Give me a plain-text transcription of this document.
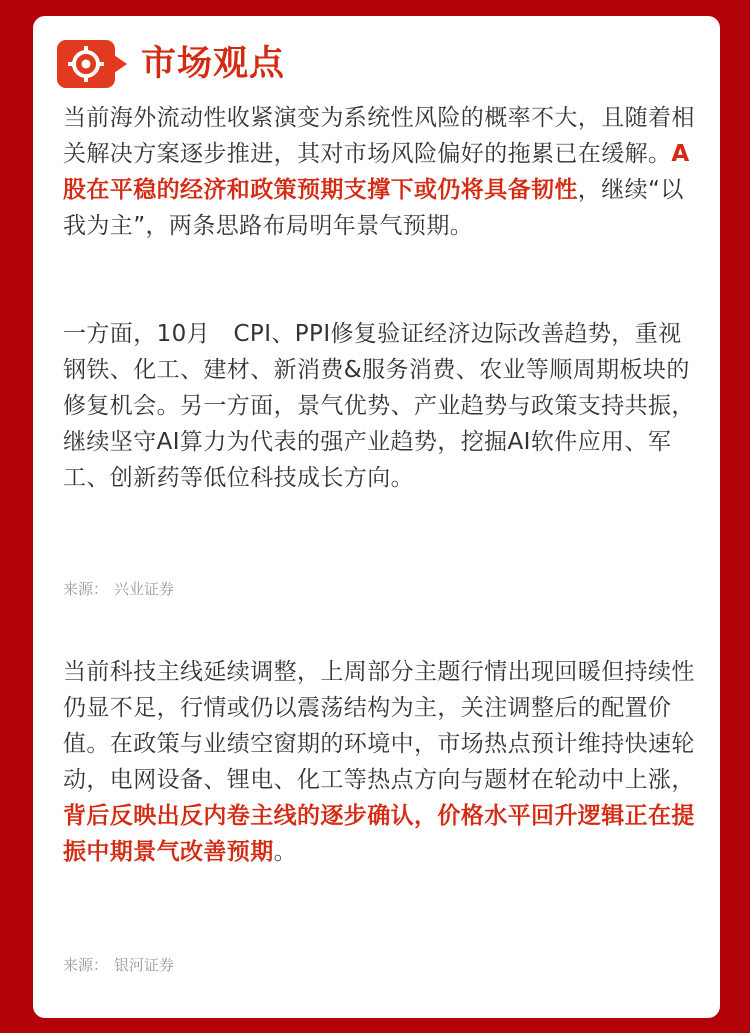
市场观点

当前海外流动性收紧演变为系统性风险的概率不大，且随着相关解决方案逐步推进，其对市场风险偏好的拖累已在缓解。A股在平稳的经济和政策预期支撑下或仍将具备韧性，继续“以我为主”，两条思路布局明年景气预期。

一方面，10月　CPI、PPI修复验证经济边际改善趋势，重视钢铁、化工、建材、新消费&服务消费、农业等顺周期板块的修复机会。另一方面，景气优势、产业趋势与政策支持共振，继续坚守AI算力为代表的强产业趋势，挖掘AI软件应用、军工、创新药等低位科技成长方向。

来源： 兴业证券

当前科技主线延续调整，上周部分主题行情出现回暖但持续性仍显不足，行情或仍以震荡结构为主，关注调整后的配置价值。在政策与业绩空窗期的环境中，市场热点预计维持快速轮动，电网设备、锂电、化工等热点方向与题材在轮动中上涨，背后反映出反内卷主线的逐步确认，价格水平回升逻辑正在提振中期景气改善预期。

来源： 银河证券
